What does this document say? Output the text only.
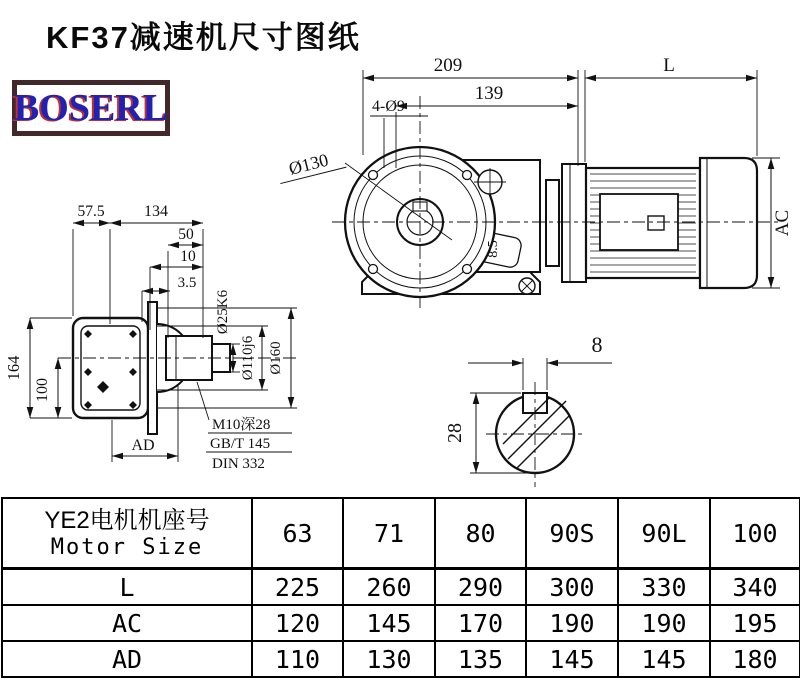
KF37减速机尺寸图纸
BOSERL
209	L
139
4-Ø9
Ø130
8.5
AC
164
100
57.5 134
50
10
3.5
Ø25K6
Ø110j6 Ø160
M10深28
GB/T 145
DIN 332
AD
8
28
YE2电机机座号
Motor Size	63	71	80	90S	90L	100
L	225	260	290	300	330	340
AC	120	145	170	190	190	195
AD	110	130	135	145	145	180
